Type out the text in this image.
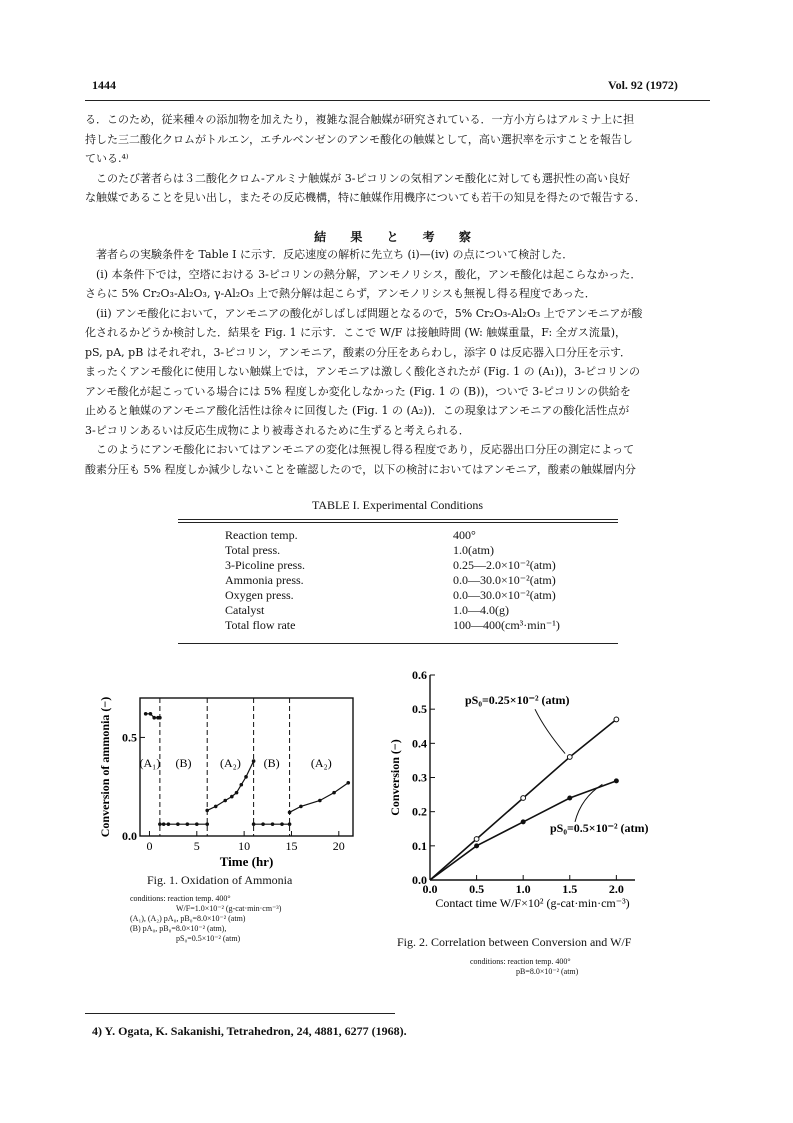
1444	Vol. 92 (1972)

る．このため，従来種々の添加物を加えたり，複雑な混合触媒が研究されている．一方小方らはアルミナ上に担

持した三二酸化クロムがトルエン，エチルベンゼンのアンモ酸化の触媒として，高い選択率を示すことを報告し

ている.⁴⁾

　このたび著者らは３二酸化クロム-アルミナ触媒が 3-ピコリンの気相アンモ酸化に対しても選択性の高い良好

な触媒であることを見い出し，またその反応機構，特に触媒作用機序についても若干の知見を得たので報告する．

結 果 と 考 察

　著者らの実験条件を Table I に示す．反応速度の解析に先立ち (i)—(iv) の点について検討した．

　(i) 本条件下では，空塔における 3-ピコリンの熱分解，アンモノリシス，酸化，アンモ酸化は起こらなかった．

さらに 5% Cr₂O₃-Al₂O₃, γ-Al₂O₃ 上で熱分解は起こらず，アンモノリシスも無視し得る程度であった．

　(ii) アンモ酸化において，アンモニアの酸化がしばしば問題となるので，5% Cr₂O₃-Al₂O₃ 上でアンモニアが酸

化されるかどうか検討した．結果を Fig. 1 に示す．ここで W/F は接触時間 (W: 触媒重量，F: 全ガス流量)，

pS, pA, pB はそれぞれ，3-ピコリン，アンモニア，酸素の分圧をあらわし，添字 0 は反応器入口分圧を示す．

まったくアンモ酸化に使用しない触媒上では，アンモニアは激しく酸化されたが (Fig. 1 の (A₁))，3-ピコリンの

アンモ酸化が起こっている場合には 5% 程度しか変化しなかった (Fig. 1 の (B))，ついで 3-ピコリンの供給を

止めると触媒のアンモニア酸化活性は徐々に回復した (Fig. 1 の (A₂))．この現象はアンモニアの酸化活性点が

3-ピコリンあるいは反応生成物により被毒されるために生ずると考えられる．

　このようにアンモ酸化においてはアンモニアの変化は無視し得る程度であり，反応器出口分圧の測定によって

酸素分圧も 5% 程度しか減少しないことを確認したので，以下の検討においてはアンモニア，酸素の触媒層内分

TABLE I. Experimental Conditions
Reaction temp.	400°
Total press.	1.0(atm)
3-Picoline press.	0.25—2.0×10⁻²(atm)
Ammonia press.	0.0—30.0×10⁻²(atm)
Oxygen press.	0.0—30.0×10⁻²(atm)
Catalyst	1.0—4.0(g)
Total flow rate	100—400(cm³·min⁻¹)
0	5	10	15	20
0.0
0.5
(A₁) (B) (A₂) (B)	(A₂)
Time (hr)
Conversion of ammonia (−)
Fig. 1. Oxidation of Ammonia
conditions: reaction temp. 400°
W/F=1.0×10⁻² (g-cat·min·cm⁻³)
(A₁), (A₂) pA₀, pB₀=8.0×10⁻² (atm)
(B) pA₀, pB₀=8.0×10⁻² (atm),
pS₀=0.5×10⁻² (atm)
0.0	0.5	1.0	1.5	2.0
0.0
0.1
0.2
0.3
0.4
0.5
0.6
pS₀=0.25×10⁻² (atm)
pS₀=0.5×10⁻² (atm)
Contact time W/F×10² (g-cat·min·cm⁻³)
Conversion (−)
Fig. 2. Correlation between Conversion and W/F
conditions: reaction temp. 400°
pB=8.0×10⁻² (atm)
4) Y. Ogata, K. Sakanishi, Tetrahedron, 24, 4881, 6277 (1968).
